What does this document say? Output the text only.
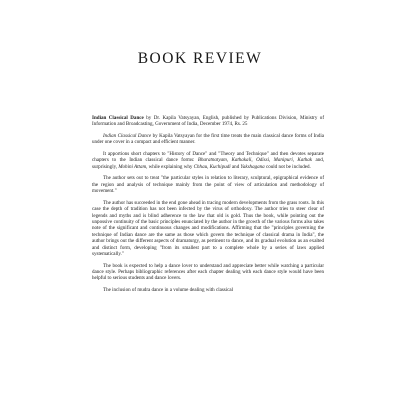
BOOK REVIEW

Indian Classical Dance by Dr. Kapila Vatsyayan, English, published by Publications Division, Ministry of Information and Broadcasting, Government of India, December 1974, Rs. 25

Indian Classical Dance by Kapila Vatsyayan for the first time treats the main classical dance forms of India under one cover in a compact and efficient manner.

It apportions short chapters to "History of Dance" and "Theory and Technique" and then devotes separate chapters to the Indian classical dance forms: Bharatnatyam, Kathakali, Odissi, Manipuri, Kathak and, surprisingly, Mohini Attam, while explaining why Chhau, Kuchipudi and Yakshagana could not be included.

The author sets out to treat "the particular styles in relation to literary, sculptural, epigraphical evidence of the region and analysis of technique mainly from the point of view of articulation and methodology of movement."

The author has succeeded in the end gone ahead in tracing modern developments from the grass roots. In this case the depth of tradition has not been infected by the virus of orthodoxy. The author tries to steer clear of legends and myths and is blind adherence to the law that old is gold. Thus the book, while pointing out the unpossive continuity of the basic principles enunciated by the author in the growth of the various forms also takes note of the significant and continuous changes and modifications. Affirming that the "principles governing the technique of Indian dance are the same as those which govern the technique of classical drama in India", the author brings out the different aspects of dramaturgy, as pertinent to dance, and its gradual evolution as an exalted and distinct form, developing "from its smallest part to a complete whole by a series of laws applied systematically."

The book is expected to help a dance lover to understand and appreciate better while watching a particular dance style. Perhaps bibliographic references after each chapter dealing with each dance style would have been helpful to serious students and dance lovers.

The inclusion of mudra dance in a volume dealing with classical
